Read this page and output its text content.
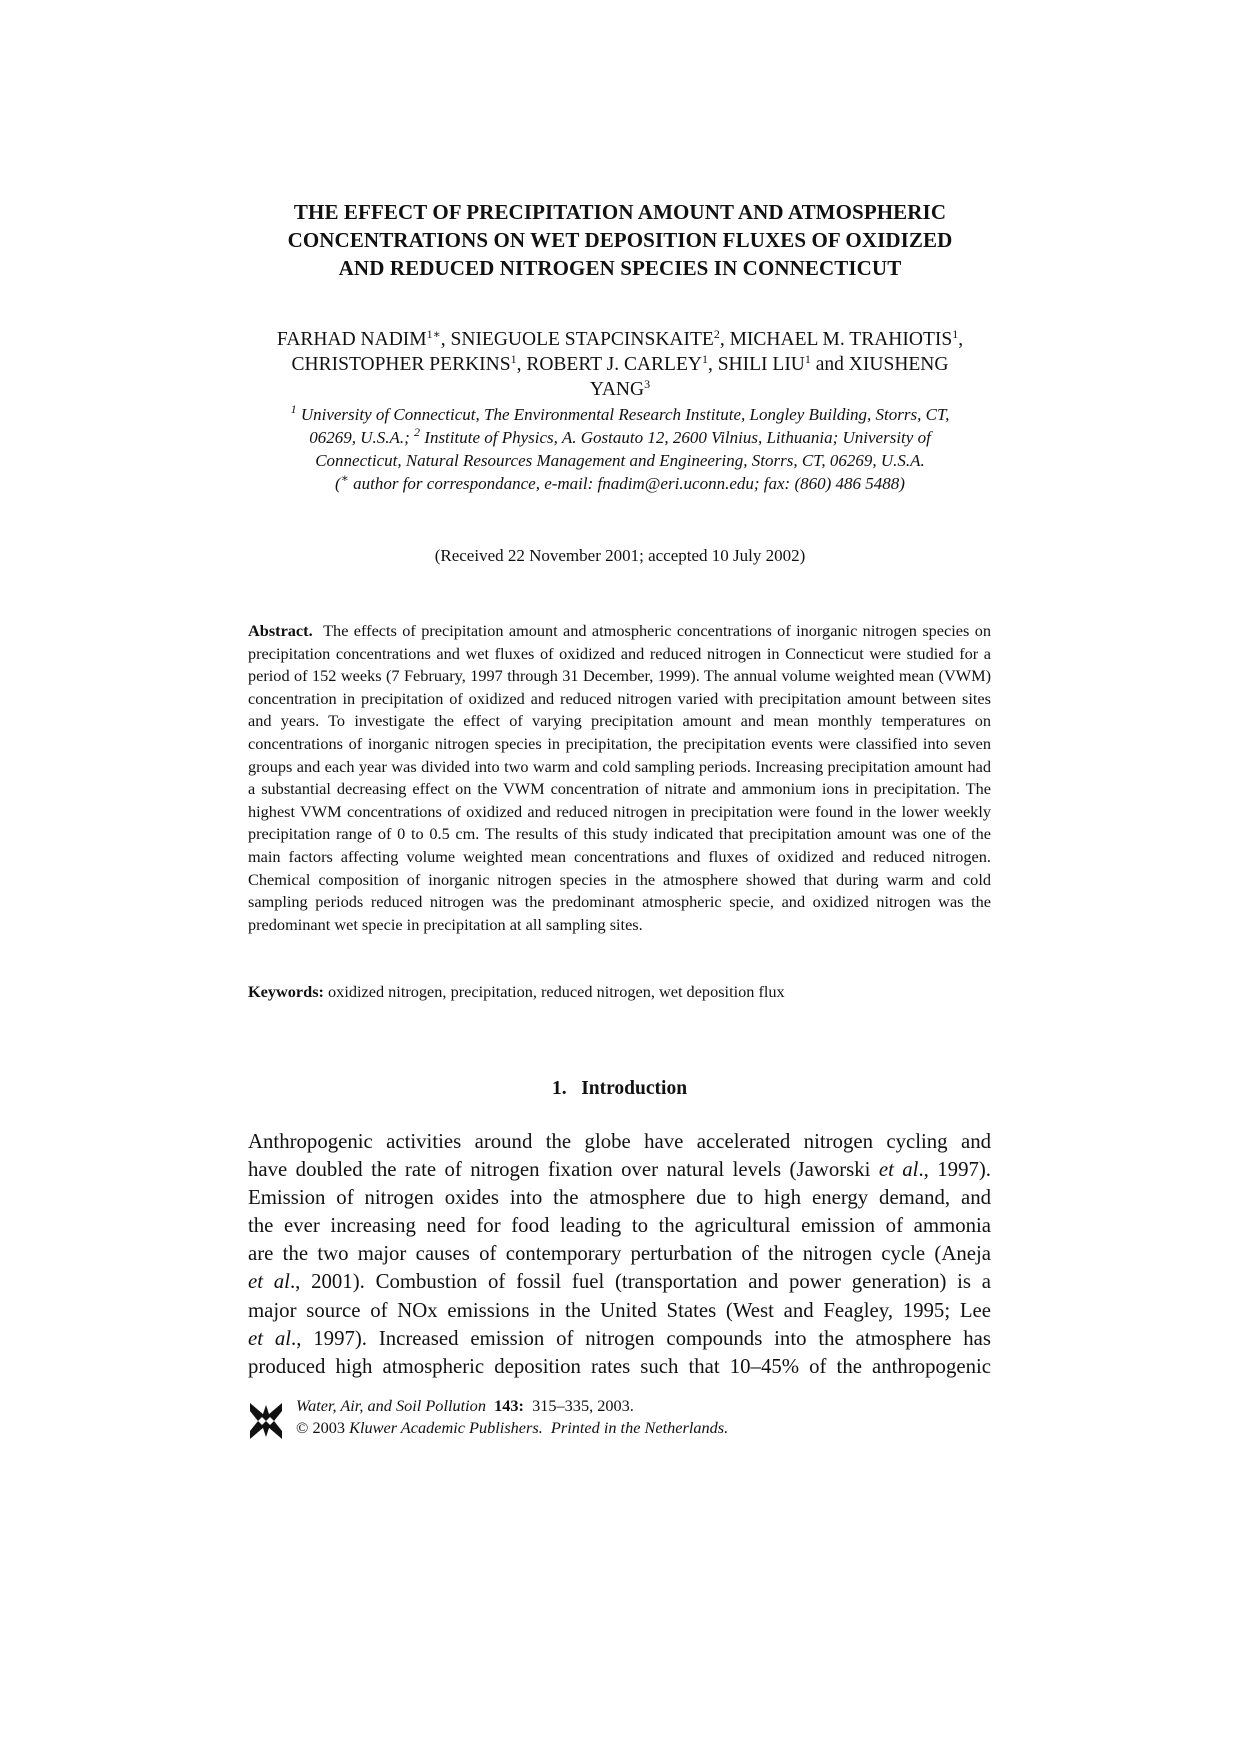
THE EFFECT OF PRECIPITATION AMOUNT AND ATMOSPHERIC
CONCENTRATIONS ON WET DEPOSITION FLUXES OF OXIDIZED
AND REDUCED NITROGEN SPECIES IN CONNECTICUT
FARHAD $NADIM^{1∗}$, SNIEGUOLE STAPCINSKAITE$^2$, MICHAEL M. TRAHIOTIS$^1$,
CHRISTOPHER PERKINS$^1$, ROBERT J. CARLEY$^1$, SHILI LIU$^1$ and XIUSHENG
YANG$^3$
$^1$ University of Connecticut, The Environmental Research Institute, Longley Building, Storrs, CT,
06269, U.S.A.; $^2$ Institute of Physics, A. Gostauto 12, 2600 Vilnius, Lithuania; University of
Connecticut, Natural Resources Management and Engineering, Storrs, CT, 06269, U.S.A.
(∗ author for correspondance, e-mail: fnadim@eri.uconn.edu; fax: (860) 486 5488)
(Received 22 November 2001; accepted 10 July 2002)
Abstract. The effects of precipitation amount and atmospheric concentrations of inorganic nitrogen species on precipitation concentrations and wet fluxes of oxidized and reduced nitrogen in Connecticut were studied for a period of 152 weeks (7 February, 1997 through 31 December, 1999). The annual volume weighted mean (VWM) concentration in precipitation of oxidized and reduced nitrogen varied with precipitation amount between sites and years. To investigate the effect of varying precipitation amount and mean monthly temperatures on concentrations of inorganic nitrogen species in precipitation, the precipitation events were classified into seven groups and each year was divided into two warm and cold sampling periods. Increasing precipitation amount had a substantial decreasing effect on the VWM concentration of nitrate and ammonium ions in precipitation. The highest VWM concentrations of oxidized and reduced nitrogen in precipitation were found in the lower weekly precipitation range of 0 to 0.5 cm. The results of this study indicated that precipitation amount was one of the main factors affecting volume weighted mean concentrations and fluxes of oxidized and reduced nitrogen. Chemical composition of inorganic nitrogen species in the atmosphere showed that during warm and cold sampling periods reduced nitrogen was the predominant atmospheric specie, and oxidized nitrogen was the predominant wet specie in precipitation at all sampling sites.
Keywords: oxidized nitrogen, precipitation, reduced nitrogen, wet deposition flux
1. Introduction
Anthropogenic activities around the globe have accelerated nitrogen cycling and
have doubled the rate of nitrogen fixation over natural levels (Jaworski et al., 1997).
Emission of nitrogen oxides into the atmosphere due to high energy demand, and
the ever increasing need for food leading to the agricultural emission of ammonia
are the two major causes of contemporary perturbation of the nitrogen cycle (Aneja
et al., 2001). Combustion of fossil fuel (transportation and power generation) is a
major source of NOx emissions in the United States (West and Feagley, 1995; Lee
et al., 1997). Increased emission of nitrogen compounds into the atmosphere has
produced high atmospheric deposition rates such that 10–45% of the anthropogenic
Water, Air, and Soil Pollution 143: 315–335, 2003.
© 2003 Kluwer Academic Publishers. Printed in the Netherlands.
